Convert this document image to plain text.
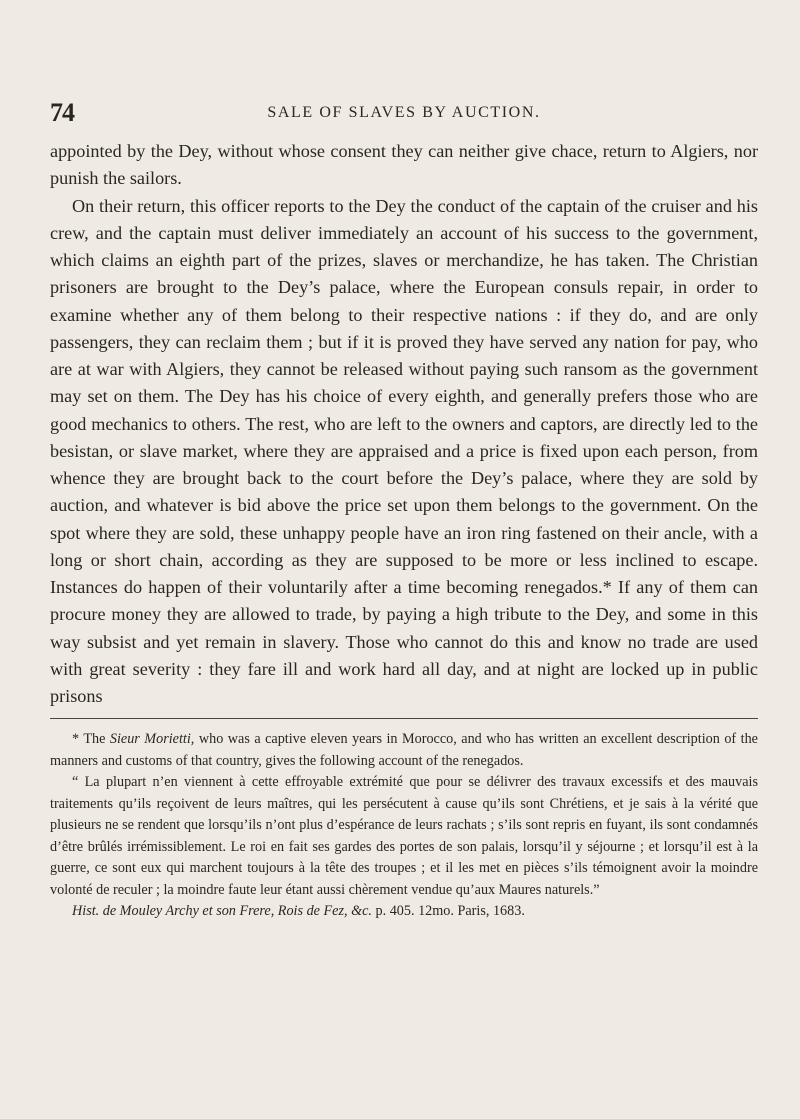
74	SALE OF SLAVES BY AUCTION.

appointed by the Dey, without whose consent they can neither give chace, return to Algiers, nor punish the sailors.

On their return, this officer reports to the Dey the conduct of the captain of the cruiser and his crew, and the captain must deliver immediately an account of his success to the government, which claims an eighth part of the prizes, slaves or merchandize, he has taken. The Christian prisoners are brought to the Dey’s palace, where the European consuls repair, in order to examine whether any of them belong to their respective nations : if they do, and are only passengers, they can reclaim them ; but if it is proved they have served any nation for pay, who are at war with Algiers, they cannot be released without paying such ransom as the government may set on them. The Dey has his choice of every eighth, and generally prefers those who are good mechanics to others. The rest, who are left to the owners and captors, are directly led to the besistan, or slave market, where they are appraised and a price is fixed upon each person, from whence they are brought back to the court before the Dey’s palace, where they are sold by auction, and whatever is bid above the price set upon them belongs to the government. On the spot where they are sold, these unhappy people have an iron ring fastened on their ancle, with a long or short chain, according as they are supposed to be more or less inclined to escape. Instances do happen of their voluntarily after a time becoming renegados.* If any of them can procure money they are allowed to trade, by paying a high tribute to the Dey, and some in this way subsist and yet remain in slavery. Those who cannot do this and know no trade are used with great severity : they fare ill and work hard all day, and at night are locked up in public prisons

* The Sieur Morietti, who was a captive eleven years in Morocco, and who has written an excellent description of the manners and customs of that country, gives the following account of the renegados.

“ La plupart n’en viennent à cette effroyable extrémité que pour se délivrer des travaux excessifs et des mauvais traitements qu’ils reçoivent de leurs maîtres, qui les persécutent à cause qu’ils sont Chrétiens, et je sais à la vérité que plusieurs ne se rendent que lorsqu’ils n’ont plus d’espérance de leurs rachats ; s’ils sont repris en fuyant, ils sont condamnés d’être brûlés irrémissiblement. Le roi en fait ses gardes des portes de son palais, lorsqu’il y séjourne ; et lorsqu’il est à la guerre, ce sont eux qui marchent toujours à la tête des troupes ; et il les met en pièces s’ils témoignent avoir la moindre volonté de reculer ; la moindre faute leur étant aussi chèrement vendue qu’aux Maures naturels.”

Hist. de Mouley Archy et son Frere, Rois de Fez, &c. p. 405. 12mo. Paris, 1683.
